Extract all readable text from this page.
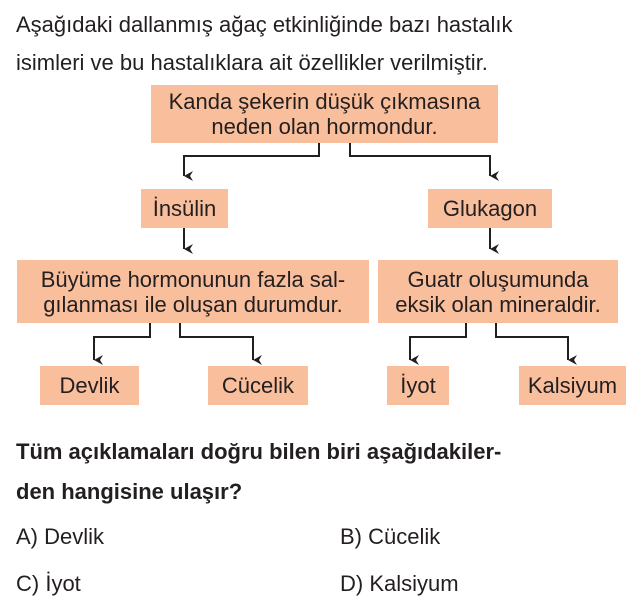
Aşağıdaki dallanmış ağaç etkinliğinde bazı hastalık
isimleri ve bu hastalıklara ait özellikler verilmiştir.
Kanda şekerin düşük çıkmasına
neden olan hormondur.
İnsülin	Glukagon
Büyüme hormonunun fazla sal-
gılanması ile oluşan durumdur.
Guatr oluşumunda
eksik olan mineraldir.
Devlik	Cücelik	İyot	Kalsiyum
Tüm açıklamaları doğru bilen biri aşağıdakiler-
den hangisine ulaşır?
A) Devlik	B) Cücelik
C) İyot	D) Kalsiyum
